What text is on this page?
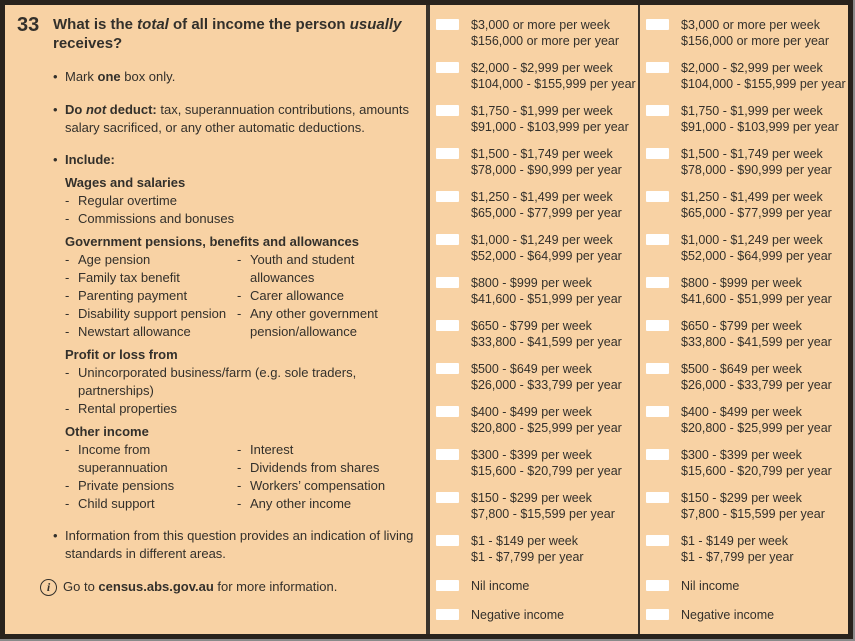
33 What is the total of all income the person usually receives?
• Mark one box only.
• Do not deduct: tax, superannuation contributions, amounts salary sacrificed, or any other automatic deductions.
• Include:
Wages and salaries
- Regular overtime
- Commissions and bonuses
Government pensions, benefits and allowances
- Age pension
- Family tax benefit
- Parenting payment
- Disability support pension
- Newstart allowance
- Youth and student allowances
- Carer allowance
- Any other government pension/allowance
Profit or loss from
- Unincorporated business/farm (e.g. sole traders, partnerships)
- Rental properties
Other income
- Income from superannuation
- Private pensions
- Child support
- Interest
- Dividends from shares
- Workers’ compensation
- Any other income
• Information from this question provides an indication of living standards in different areas.
i Go to census.abs.gov.au for more information.
$3,000 or more per week
$156,000 or more per year
$2,000 - $2,999 per week
$104,000 - $155,999 per year
$1,750 - $1,999 per week
$91,000 - $103,999 per year
$1,500 - $1,749 per week
$78,000 - $90,999 per year
$1,250 - $1,499 per week
$65,000 - $77,999 per year
$1,000 - $1,249 per week
$52,000 - $64,999 per year
$800 - $999 per week
$41,600 - $51,999 per year
$650 - $799 per week
$33,800 - $41,599 per year
$500 - $649 per week
$26,000 - $33,799 per year
$400 - $499 per week
$20,800 - $25,999 per year
$300 - $399 per week
$15,600 - $20,799 per year
$150 - $299 per week
$7,800 - $15,599 per year
$1 - $149 per week
$1 - $7,799 per year
Nil income
Negative income
$3,000 or more per week
$156,000 or more per year
$2,000 - $2,999 per week
$104,000 - $155,999 per year
$1,750 - $1,999 per week
$91,000 - $103,999 per year
$1,500 - $1,749 per week
$78,000 - $90,999 per year
$1,250 - $1,499 per week
$65,000 - $77,999 per year
$1,000 - $1,249 per week
$52,000 - $64,999 per year
$800 - $999 per week
$41,600 - $51,999 per year
$650 - $799 per week
$33,800 - $41,599 per year
$500 - $649 per week
$26,000 - $33,799 per year
$400 - $499 per week
$20,800 - $25,999 per year
$300 - $399 per week
$15,600 - $20,799 per year
$150 - $299 per week
$7,800 - $15,599 per year
$1 - $149 per week
$1 - $7,799 per year
Nil income
Negative income
